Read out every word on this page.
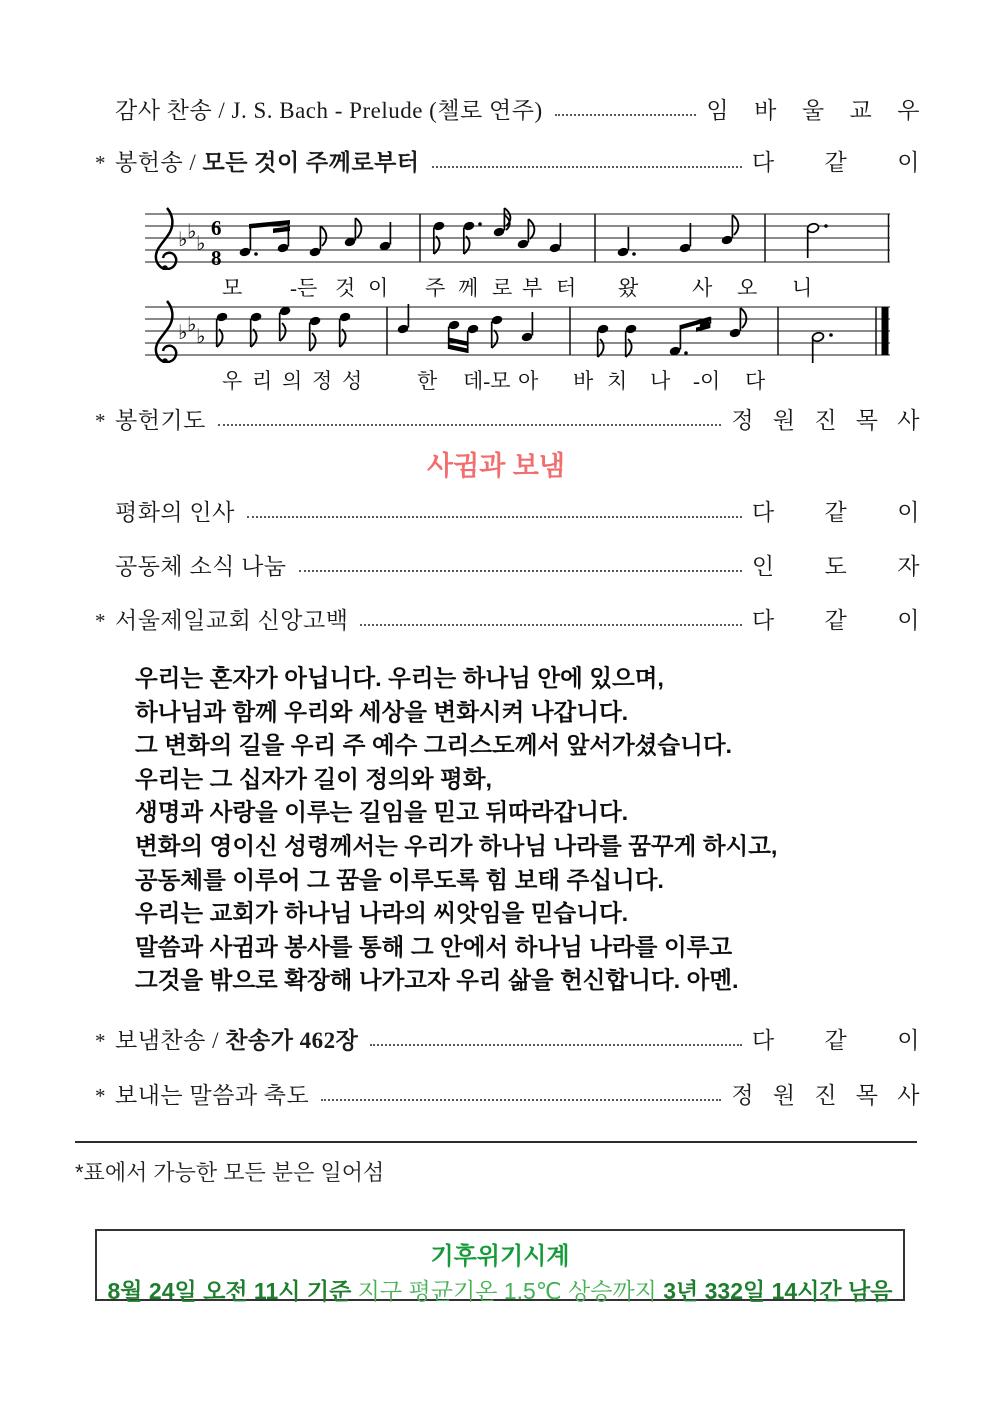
감사 찬송 / J. S. Bach - Prelude (첼로 연주)	임    바    울    교    우
* 봉헌송 / 모든 것이 주께로부터	다        같        이
♭ ♭ ♭
6
8
모 -든 것 이 주 께 로 부 터 왔	사 오 니
♭ ♭ ♭
우 리 의 정 성	한 데-모 아 바 치 나 -이 다
* 봉헌기도	정   원   진   목   사
사귐과 보냄
평화의 인사	다        같        이
공동체 소식 나눔	인        도        자
* 서울제일교회 신앙고백	다        같        이
우리는 혼자가 아닙니다. 우리는 하나님 안에 있으며,
하나님과 함께 우리와 세상을 변화시켜 나갑니다.
그 변화의 길을 우리 주 예수 그리스도께서 앞서가셨습니다.
우리는 그 십자가 길이 정의와 평화,
생명과 사랑을 이루는 길임을 믿고 뒤따라갑니다.
변화의 영이신 성령께서는 우리가 하나님 나라를 꿈꾸게 하시고,
공동체를 이루어 그 꿈을 이루도록 힘 보태 주십니다.
우리는 교회가 하나님 나라의 씨앗임을 믿습니다.
말씀과 사귐과 봉사를 통해 그 안에서 하나님 나라를 이루고
그것을 밖으로 확장해 나가고자 우리 삶을 헌신합니다. 아멘.
* 보냄찬송 / 찬송가 462장	다        같        이
* 보내는 말씀과 축도	정   원   진   목   사
*표에서 가능한 모든 분은 일어섬
기후위기시계
8월 24일 오전 11시 기준 지구 평균기온 1.5℃ 상승까지 3년 332일 14시간 남음
